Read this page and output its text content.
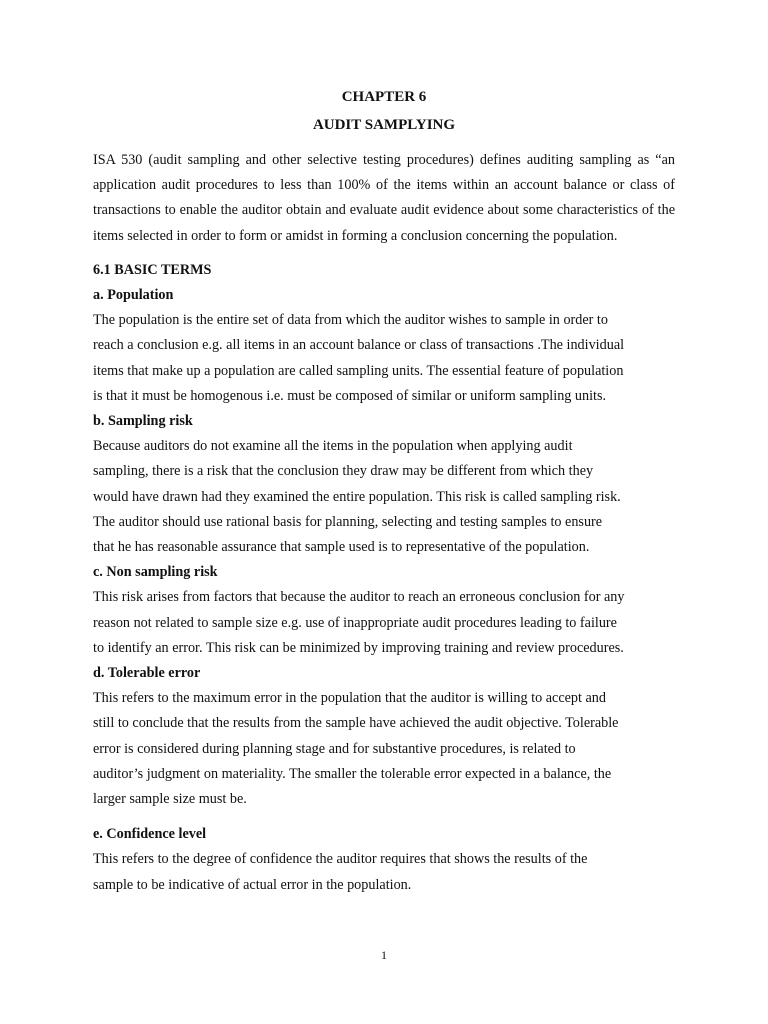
CHAPTER 6
AUDIT SAMPLYING

ISA 530 (audit sampling and other selective testing procedures) defines auditing sampling as “an application audit procedures to less than 100% of the items within an account balance or class of transactions to enable the auditor obtain and evaluate audit evidence about some characteristics of the items selected in order to form or amidst in forming a conclusion concerning the population.

6.1 BASIC TERMS

a. Population

The population is the entire set of data from which the auditor wishes to sample in order to

reach a conclusion e.g. all items in an account balance or class of transactions .The individual

items that make up a population are called sampling units. The essential feature of population

is that it must be homogenous i.e. must be composed of similar or uniform sampling units.

b. Sampling risk

Because auditors do not examine all the items in the population when applying audit

sampling, there is a risk that the conclusion they draw may be different from which they

would have drawn had they examined the entire population. This risk is called sampling risk.

The auditor should use rational basis for planning, selecting and testing samples to ensure

that he has reasonable assurance that sample used is to representative of the population.

c. Non sampling risk

This risk arises from factors that because the auditor to reach an erroneous conclusion for any

reason not related to sample size e.g. use of inappropriate audit procedures leading to failure

to identify an error. This risk can be minimized by improving training and review procedures.

d. Tolerable error

This refers to the maximum error in the population that the auditor is willing to accept and

still to conclude that the results from the sample have achieved the audit objective. Tolerable

error is considered during planning stage and for substantive procedures, is related to

auditor’s judgment on materiality. The smaller the tolerable error expected in a balance, the

larger sample size must be.

e. Confidence level

This refers to the degree of confidence the auditor requires that shows the results of the

sample to be indicative of actual error in the population.

1
